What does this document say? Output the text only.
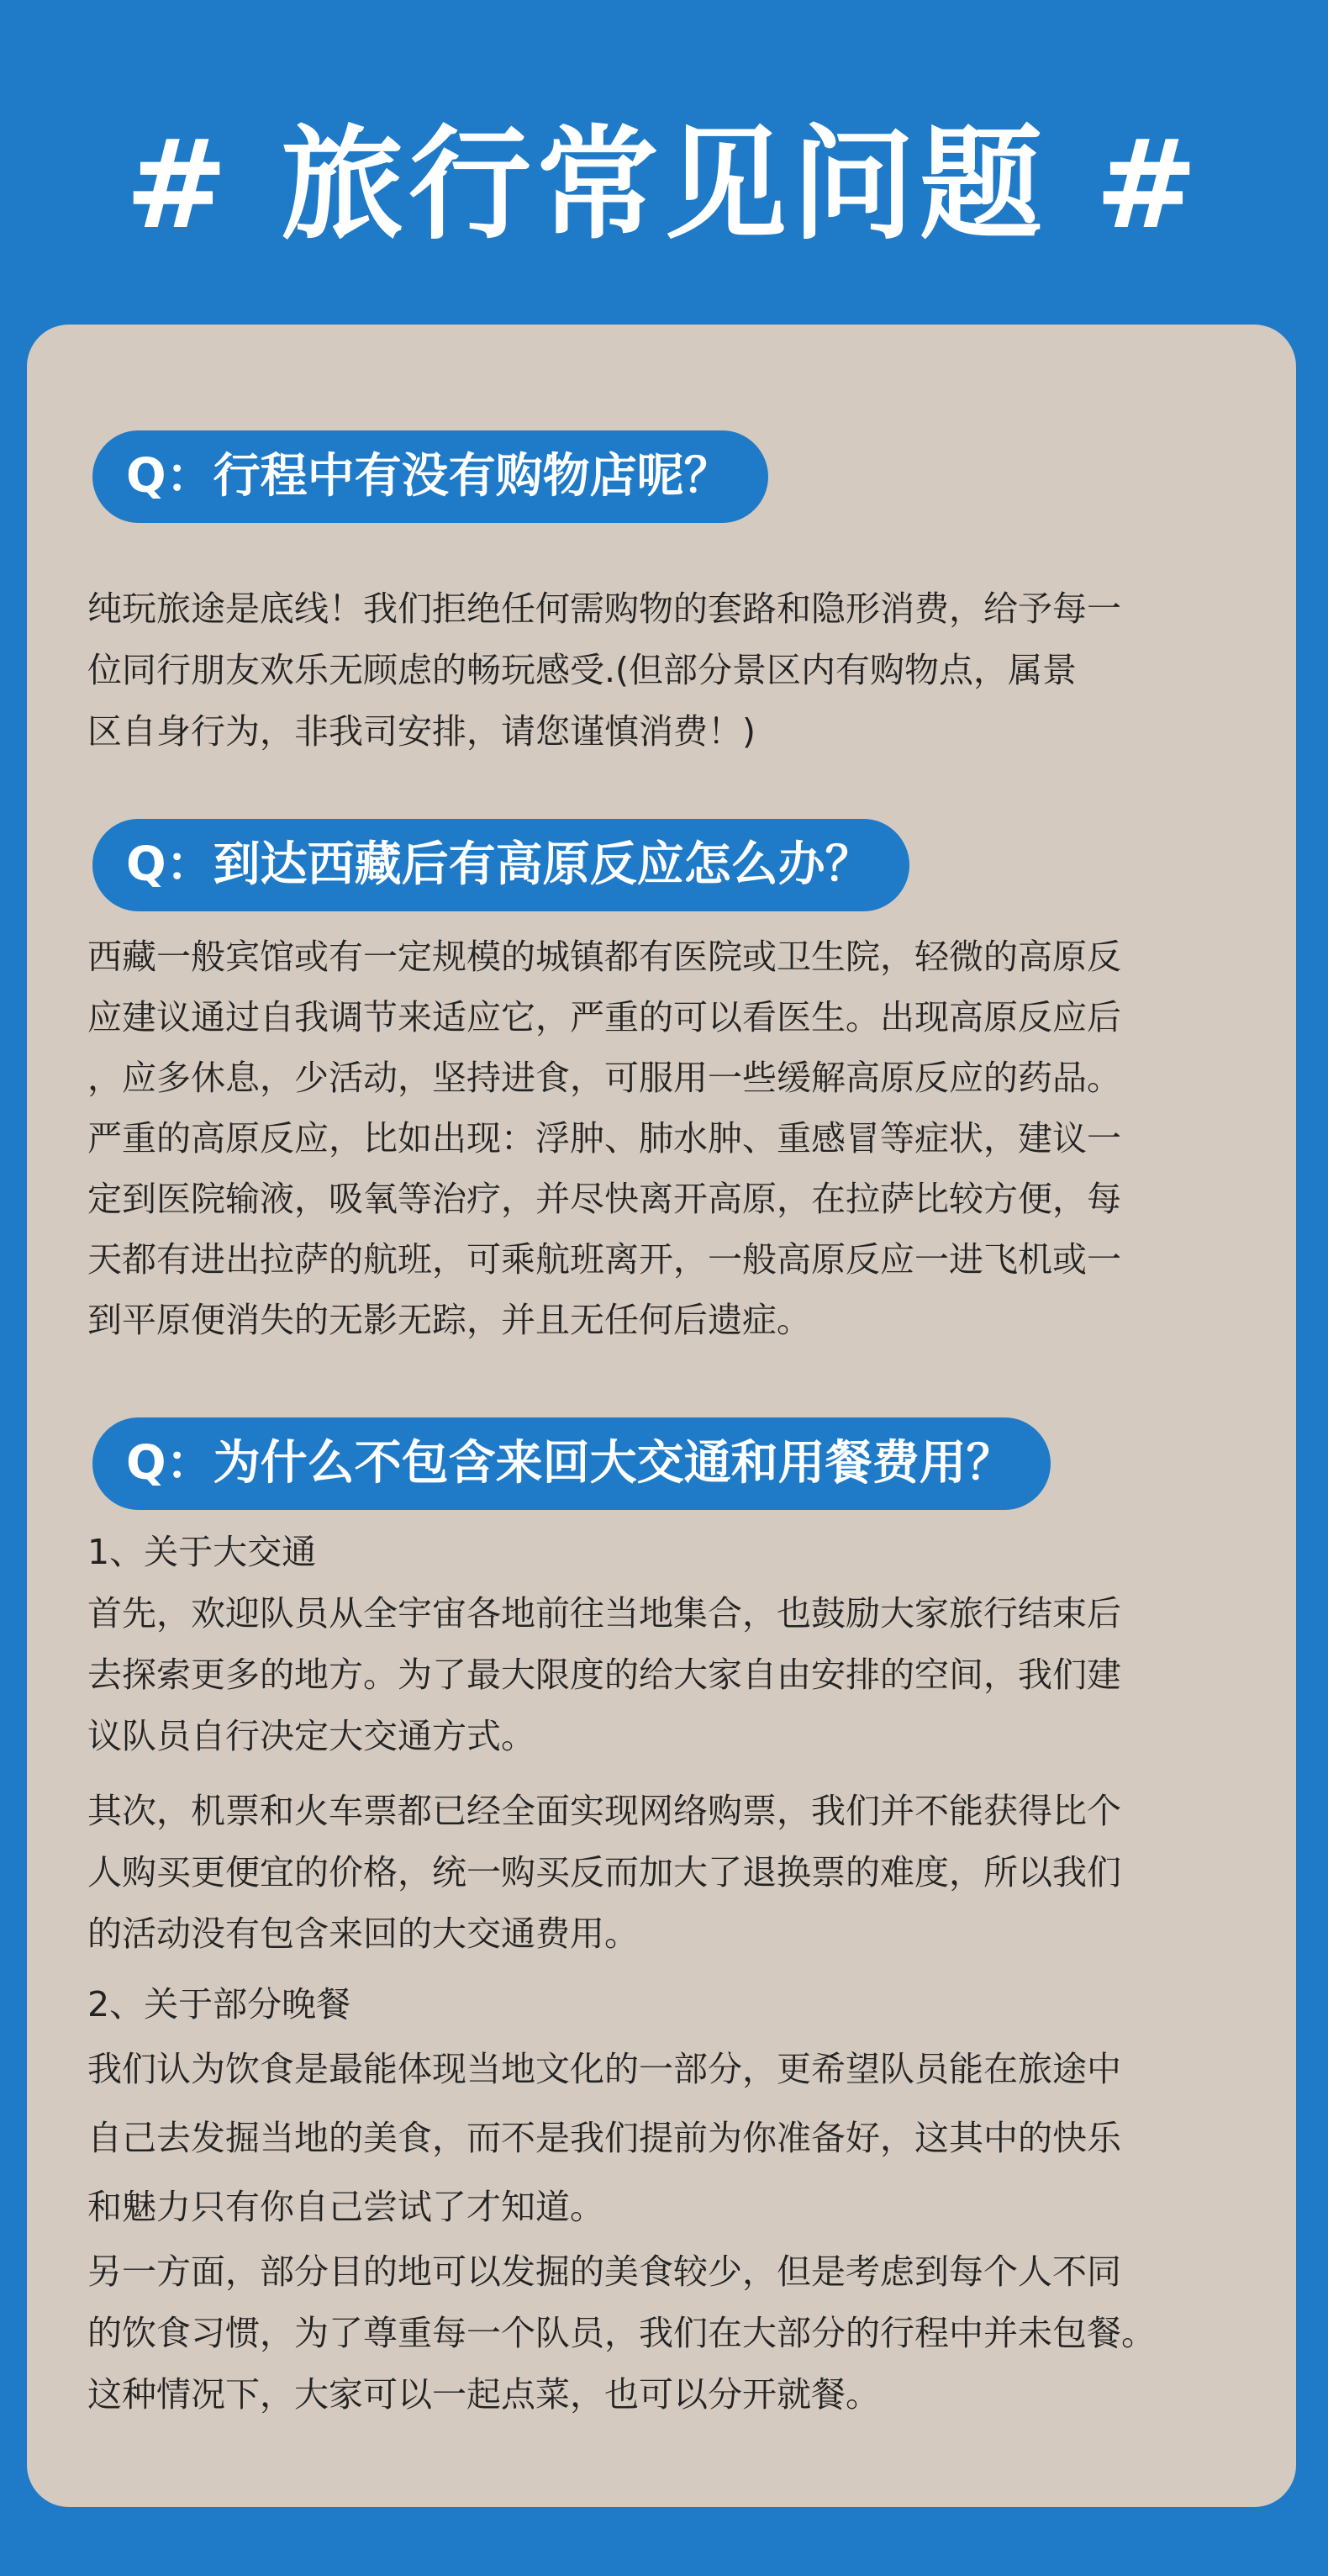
# 旅行常见问题 #
Q：行程中有没有购物店呢？

纯玩旅途是底线！我们拒绝任何需购物的套路和隐形消费，给予每一

位同行朋友欢乐无顾虑的畅玩感受.(但部分景区内有购物点，属景

区自身行为，非我司安排，请您谨慎消费！)

Q：到达西藏后有高原反应怎么办？

西藏一般宾馆或有一定规模的城镇都有医院或卫生院，轻微的高原反

应建议通过自我调节来适应它，严重的可以看医生。出现高原反应后

，应多休息，少活动，坚持进食，可服用一些缓解高原反应的药品。

严重的高原反应，比如出现：浮肿、肺水肿、重感冒等症状，建议一

定到医院输液，吸氧等治疗，并尽快离开高原，在拉萨比较方便，每

天都有进出拉萨的航班，可乘航班离开，一般高原反应一进飞机或一

到平原便消失的无影无踪，并且无任何后遗症。

Q：为什么不包含来回大交通和用餐费用？

1、关于大交通

首先，欢迎队员从全宇宙各地前往当地集合，也鼓励大家旅行结束后

去探索更多的地方。为了最大限度的给大家自由安排的空间，我们建

议队员自行决定大交通方式。

其次，机票和火车票都已经全面实现网络购票，我们并不能获得比个

人购买更便宜的价格，统一购买反而加大了退换票的难度，所以我们

的活动没有包含来回的大交通费用。

2、关于部分晚餐

我们认为饮食是最能体现当地文化的一部分，更希望队员能在旅途中

自己去发掘当地的美食，而不是我们提前为你准备好，这其中的快乐

和魅力只有你自己尝试了才知道。

另一方面，部分目的地可以发掘的美食较少，但是考虑到每个人不同

的饮食习惯，为了尊重每一个队员，我们在大部分的行程中并未包餐。

这种情况下，大家可以一起点菜，也可以分开就餐。
